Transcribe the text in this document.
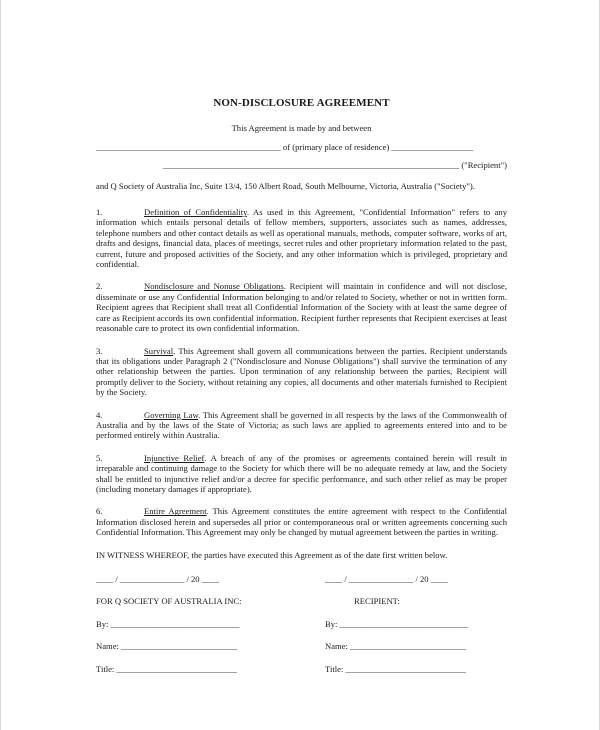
NON-DISCLOSURE AGREEMENT
This Agreement is made by and between
___________________________________________ of (primary place of residence) ___________________
_____________________________________________________________________ ("Recipient")
and Q Society of Australia Inc, Suite 13/4, 150 Albert Road, South Melbourne, Victoria, Australia ("Society").
1.	Definition of Confidentiality. As used in this Agreement, "Confidential Information" refers to any information which entails personal details of fellow members, supporters, associates such as names, addresses, telephone numbers and other contact details as well as operational manuals, methods, computer software, works of art, drafts and designs, financial data, places of meetings, secret rules and other proprietary information related to the past, current, future and proposed activities of the Society, and any other information which is privileged, proprietary and confidential.
2.	Nondisclosure and Nonuse Obligations. Recipient will maintain in confidence and will not disclose, disseminate or use any Confidential Information belonging to and/or related to Society, whether or not in written form. Recipient agrees that Recipient shall treat all Confidential Information of the Society with at least the same degree of care as Recipient accords its own confidential information. Recipient further represents that Recipient exercises at least reasonable care to protect its own confidential information.
3.	Survival. This Agreement shall govern all communications between the parties. Recipient understands that its obligations under Paragraph 2 ("Nondisclosure and Nonuse Obligations") shall survive the termination of any other relationship between the parties. Upon termination of any relationship between the parties, Recipient will promptly deliver to the Society, without retaining any copies, all documents and other materials furnished to Recipient by the Society.
4.	Governing Law. This Agreement shall be governed in all respects by the laws of the Commonwealth of Australia and by the laws of the State of Victoria; as such laws are applied to agreements entered into and to be performed entirely within Australia.
5.	Injunctive Relief. A breach of any of the promises or agreements contained herein will result in irreparable and continuing damage to the Society for which there will be no adequate remedy at law, and the Society shall be entitled to injunctive relief and/or a decree for specific performance, and such other relief as may be proper (including monetary damages if appropriate).
6.	Entire Agreement. This Agreement constitutes the entire agreement with respect to the Confidential Information disclosed herein and supersedes all prior or contemporaneous oral or written agreements concerning such Confidential Information. This Agreement may only be changed by mutual agreement between the parties in writing.
IN WITNESS WHEREOF, the parties have executed this Agreement as of the date first written below.
____ / _______________ / 20 ____	____ / _______________ / 20 ____
FOR Q SOCIETY OF AUSTRALIA INC:	RECIPIENT:
By: ______________________________	By: ______________________________
Name: ___________________________	Name: ___________________________
Title: ____________________________	Title: ____________________________
